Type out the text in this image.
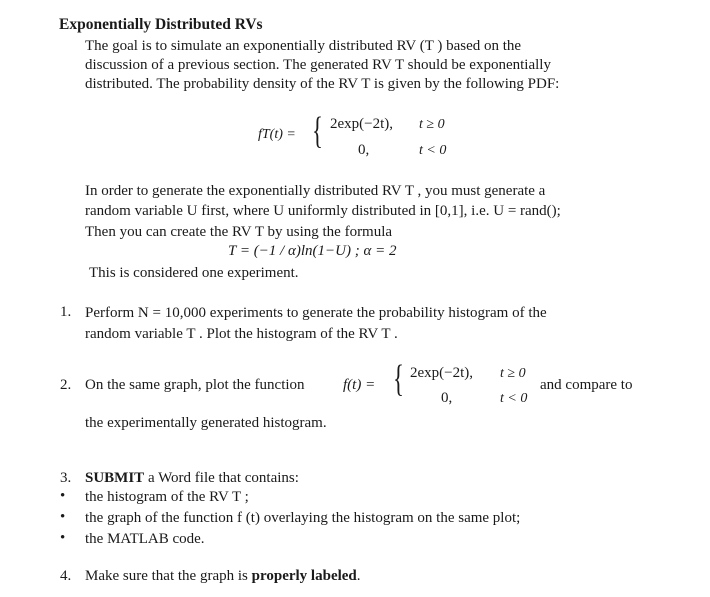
Exponentially Distributed RVs
The goal is to simulate an exponentially distributed RV (T ) based on the
discussion of a previous section. The generated RV T should be exponentially
distributed. The probability density of the RV T is given by the following PDF:
fT(t) = { 2exp(−2t), t ≥ 0
0,	t < 0
In order to generate the exponentially distributed RV T , you must generate a
random variable U first, where U uniformly distributed in [0,1], i.e. U = rand();
Then you can create the RV T by using the formula
T = (−1 / α)ln(1−U) ; α = 2
This is considered one experiment.
1. Perform N = 10,000 experiments to generate the probability histogram of the
random variable T . Plot the histogram of the RV T .
2. On the same graph, plot the function	f(t) = { 2exp(−2t), t ≥ 0
0,	t < 0
and compare to
the experimentally generated histogram.
3. SUBMIT a Word file that contains:
• the histogram of the RV T ;
• the graph of the function f (t) overlaying the histogram on the same plot;
• the MATLAB code.
4. Make sure that the graph is properly labeled.
